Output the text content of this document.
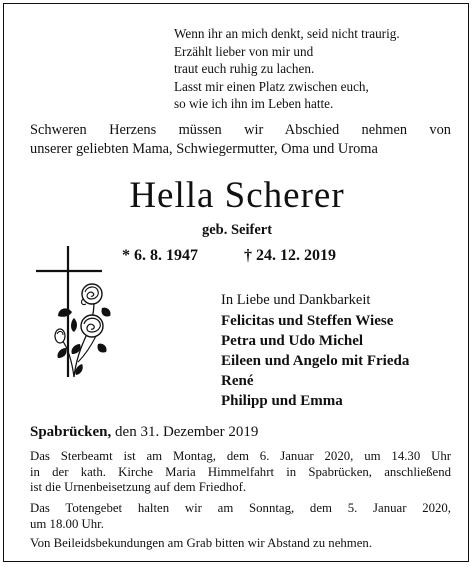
Wenn ihr an mich denkt, seid nicht traurig.
Erzählt lieber von mir und
traut euch ruhig zu lachen.
Lasst mir einen Platz zwischen euch,
so wie ich ihn im Leben hatte.
Schweren Herzens müssen wir Abschied nehmen von
unserer geliebten Mama, Schwiegermutter, Oma und Uroma
Hella Scherer
geb. Seifert
* 6. 8. 1947	† 24. 12. 2019
In Liebe und Dankbarkeit
Felicitas und Steffen Wiese
Petra und Udo Michel
Eileen und Angelo mit Frieda
René
Philipp und Emma
Spabrücken, den 31. Dezember 2019
Das Sterbeamt ist am Montag, dem 6. Januar 2020, um 14.30 Uhr
in der kath. Kirche Maria Himmelfahrt in Spabrücken, anschließend
ist die Urnenbeisetzung auf dem Friedhof.
Das Totengebet halten wir am Sonntag, dem 5. Januar 2020,
um 18.00 Uhr.
Von Beileidsbekundungen am Grab bitten wir Abstand zu nehmen.
